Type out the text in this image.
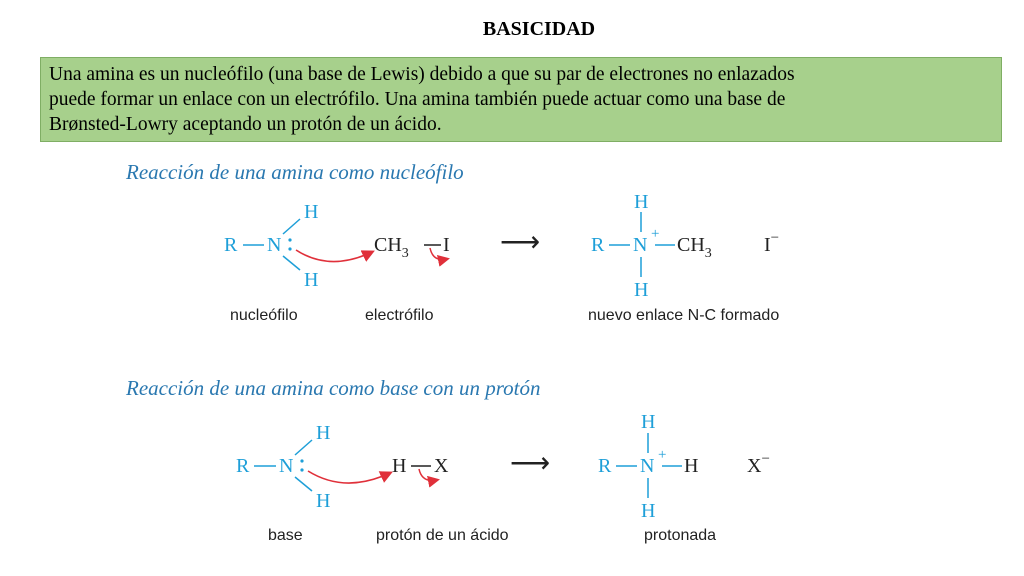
BASICIDAD
Una amina es un nucleófilo (una base de Lewis) debido a que su par de electrones no enlazados
puede formar un enlace con un electrófilo. Una amina también puede actuar como una base de
Brønsted-Lowry aceptando un protón de un ácido.
Reacción de una amina como nucleófilo
Reacción de una amina como base con un protón
R N
H
H
$CH_3$ I ⟶
H
R N +
H
$CH_3$	I−
R N
H
H
H X ⟶
H
R N +
H
H X−
nucleófilo	electrófilo	nuevo enlace N-C formado
base	protón de un ácido	protonada
